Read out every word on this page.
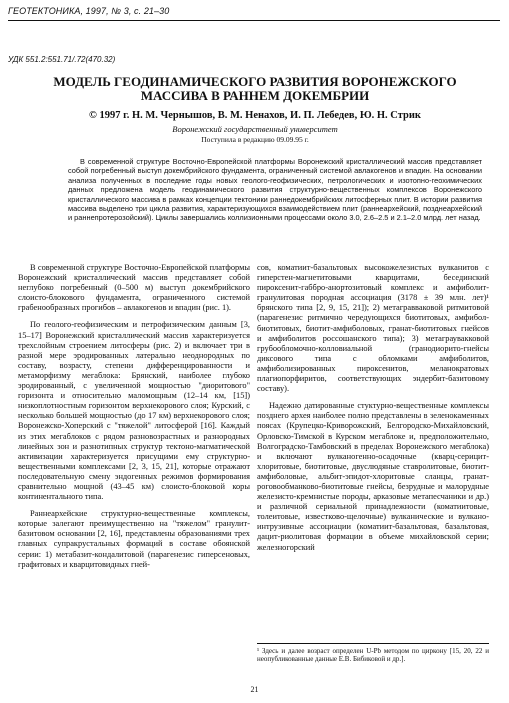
ГЕОТЕКТОНИКА, 1997, № 3, с. 21–30
УДК 551.2:551.71/.72(470.32)
МОДЕЛЬ ГЕОДИНАМИЧЕСКОГО РАЗВИТИЯ ВОРОНЕЖСКОГО
МАССИВА В РАННЕМ ДОКЕМБРИИ
© 1997 г. Н. М. Чернышов, В. М. Ненахов, И. П. Лебедев, Ю. Н. Стрик
Воронежский государственный университет
Поступила в редакцию 09.09.95 г.

В современной структуре Восточно-Европейской платформы Воронежский кристаллический массив представляет собой погребенный выступ докембрийского фундамента, ограниченный системой авлакогенов и впадин. На основании анализа полученных в последние годы новых геолого-геофизических, петрологических и изотопно-геохимических данных предложена модель геодинамического развития структурно-вещественных комплексов Воронежского кристаллического массива в рамках концепции тектоники раннедокембрийских литосферных плит. В истории развития массива выделено три цикла развития, характеризующихся взаимодействием плит (раннеархейский, позднеархейский и раннепротерозойский). Циклы завершались коллизионными процессами около 3.0, 2.6–2.5 и 2.1–2.0 млрд. лет назад.

В современной структуре Восточно-Европейской платформы Воронежский кристаллический массив представляет собой неглубоко погребенный (0–500 м) выступ докембрийского слоисто-блокового фундамента, ограниченного системой грабенообразных прогибов – авлакогенов и впадин (рис. 1).

По геолого-геофизическим и петрофизическим данным [3, 15–17] Воронежский кристаллический массив характеризуется трехслойным строением литосферы (рис. 2) и включает три в разной мере эродированных латерально неоднородных по составу, возрасту, степени дифференцированности и метаморфизму мегаблока: Брянский, наиболее глубоко эродированный, с увеличенной мощностью "диоритового" горизонта и относительно маломощным (12–14 км, [15]) низкоплотностным горизонтом верхнекорового слоя; Курский, с несколько большей мощностью (до 17 км) верхнекорового слоя; Воронежско-Хоперский с "тяжелой" литосферой [16]. Каждый из этих мегаблоков с рядом разновозрастных и разнородных линейных зон и разнотипных структур тектоно-магматической активизации характеризуется присущими ему структурно-вещественными комплексами [2, 3, 15, 21], которые отражают последовательную смену эндогенных режимов формирования сравнительно мощной (43–45 км) слоисто-блоковой коры континентального типа.

Раннеархейские структурно-вещественные комплексы, которые залегают преимущественно на "тяжелом" гранулит-базитовом основании [2, 16], представлены образованиями трех главных супракрустальных формаций в составе обоянской серии: 1) метабазит-кондалитовой (парагенезис гиперсеновых, графитовых и кварцитовидных гней-

сов, коматиит-базальтовых высокожелезистых вулканитов с гиперстен-магнетитовыми кварцитами, бесединский пироксенит-габбро-анортозитовый комплекс и амфиболит-гранулитовая породная ассоциация (3178 ± 39 млн. лет)¹ брянского типа [2, 9, 15, 21]); 2) метагравваковой ритмитовой (парагенезис ритмично чередующихся биотитовых, амфибол-биотитовых, биотит-амфиболовых, гранат-биотитовых гнейсов и амфиболитов россошанского типа); 3) метаграувакковой грубообломочно-колловиальной (гранодиорито-гнейсы диксового типа с обломками амфиболитов, амфиболизированных пироксенитов, меланократовых плагиопорфиритов, соответствующих эндербит-базитовому составу).

Надежно датированные стуктурно-вещественные комплексы позднего архея наиболее полно представлены в зеленокаменных поясах (Крупецко-Криворожский, Белгородско-Михайловский, Орловско-Тимской в Курском мегаблоке и, предположительно, Волгоградско-Тамбовский в пределах Воронежского мегаблока) и включают вулканогенно-осадочные (кварц-серицит-хлоритовые, биотитовые, двуслюдяные ставролитовые, биотит-амфиболовые, альбит-эпидот-хлоритовые сланцы, гранат-роговообманково-биотитовые гнейсы, безрудные и малорудные железисто-кремнистые породы, арказовые метапесчаники и др.) и различной сериальной принадлежности (коматиитовые, толеитовые, известково-щелочные) вулканические и вулкано-интрузивные ассоциации (коматиит-базальтовая, базальтовая, дацит-риолитовая формации в объеме михайловской серии; железногорский

¹ Здесь и далее возраст определен U-Pb методом по циркону [15, 20, 22 и неопубликованные данные Е.В. Бибиковой и др.].
21
